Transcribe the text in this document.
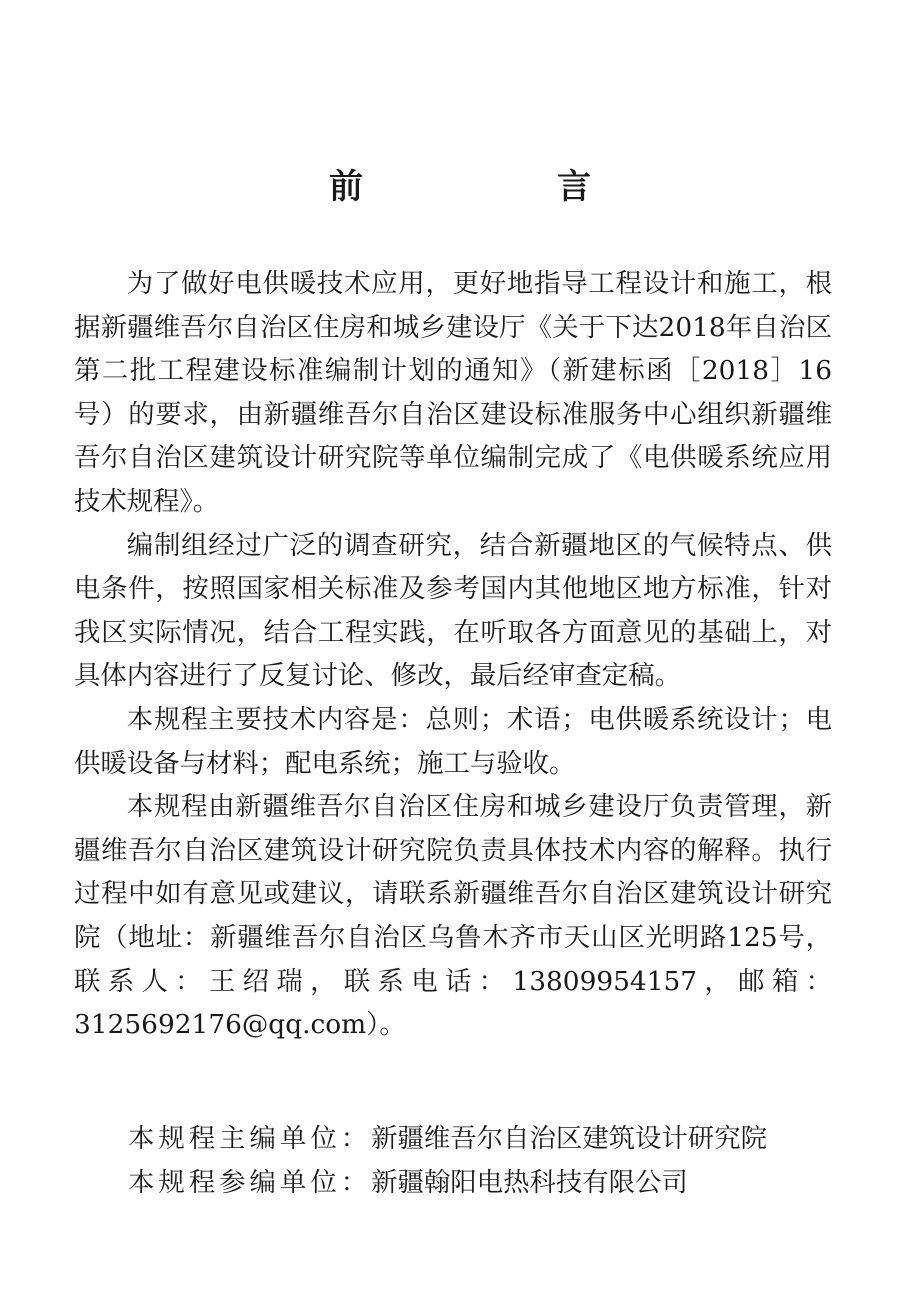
前　言

为了做好电供暖技术应用，更好地指导工程设计和施工，根据新疆维吾尔自治区住房和城乡建设厅《关于下达2018年自治区第二批工程建设标准编制计划的通知》（新建标函［2018］16号）的要求，由新疆维吾尔自治区建设标准服务中心组织新疆维吾尔自治区建筑设计研究院等单位编制完成了《电供暖系统应用技术规程》。

编制组经过广泛的调查研究，结合新疆地区的气候特点、供电条件，按照国家相关标准及参考国内其他地区地方标准，针对我区实际情况，结合工程实践，在听取各方面意见的基础上，对具体内容进行了反复讨论、修改，最后经审查定稿。

本规程主要技术内容是：总则；术语；电供暖系统设计；电供暖设备与材料；配电系统；施工与验收。

本规程由新疆维吾尔自治区住房和城乡建设厅负责管理，新疆维吾尔自治区建筑设计研究院负责具体技术内容的解释。执行过程中如有意见或建议，请联系新疆维吾尔自治区建筑设计研究院（地址：新疆维吾尔自治区乌鲁木齐市天山区光明路125号，联系人：王绍瑞，联系电话：13809954157，邮箱：3125692176@qq.com）。

本规程主编单位：新疆维吾尔自治区建筑设计研究院
本规程参编单位：新疆翰阳电热科技有限公司
